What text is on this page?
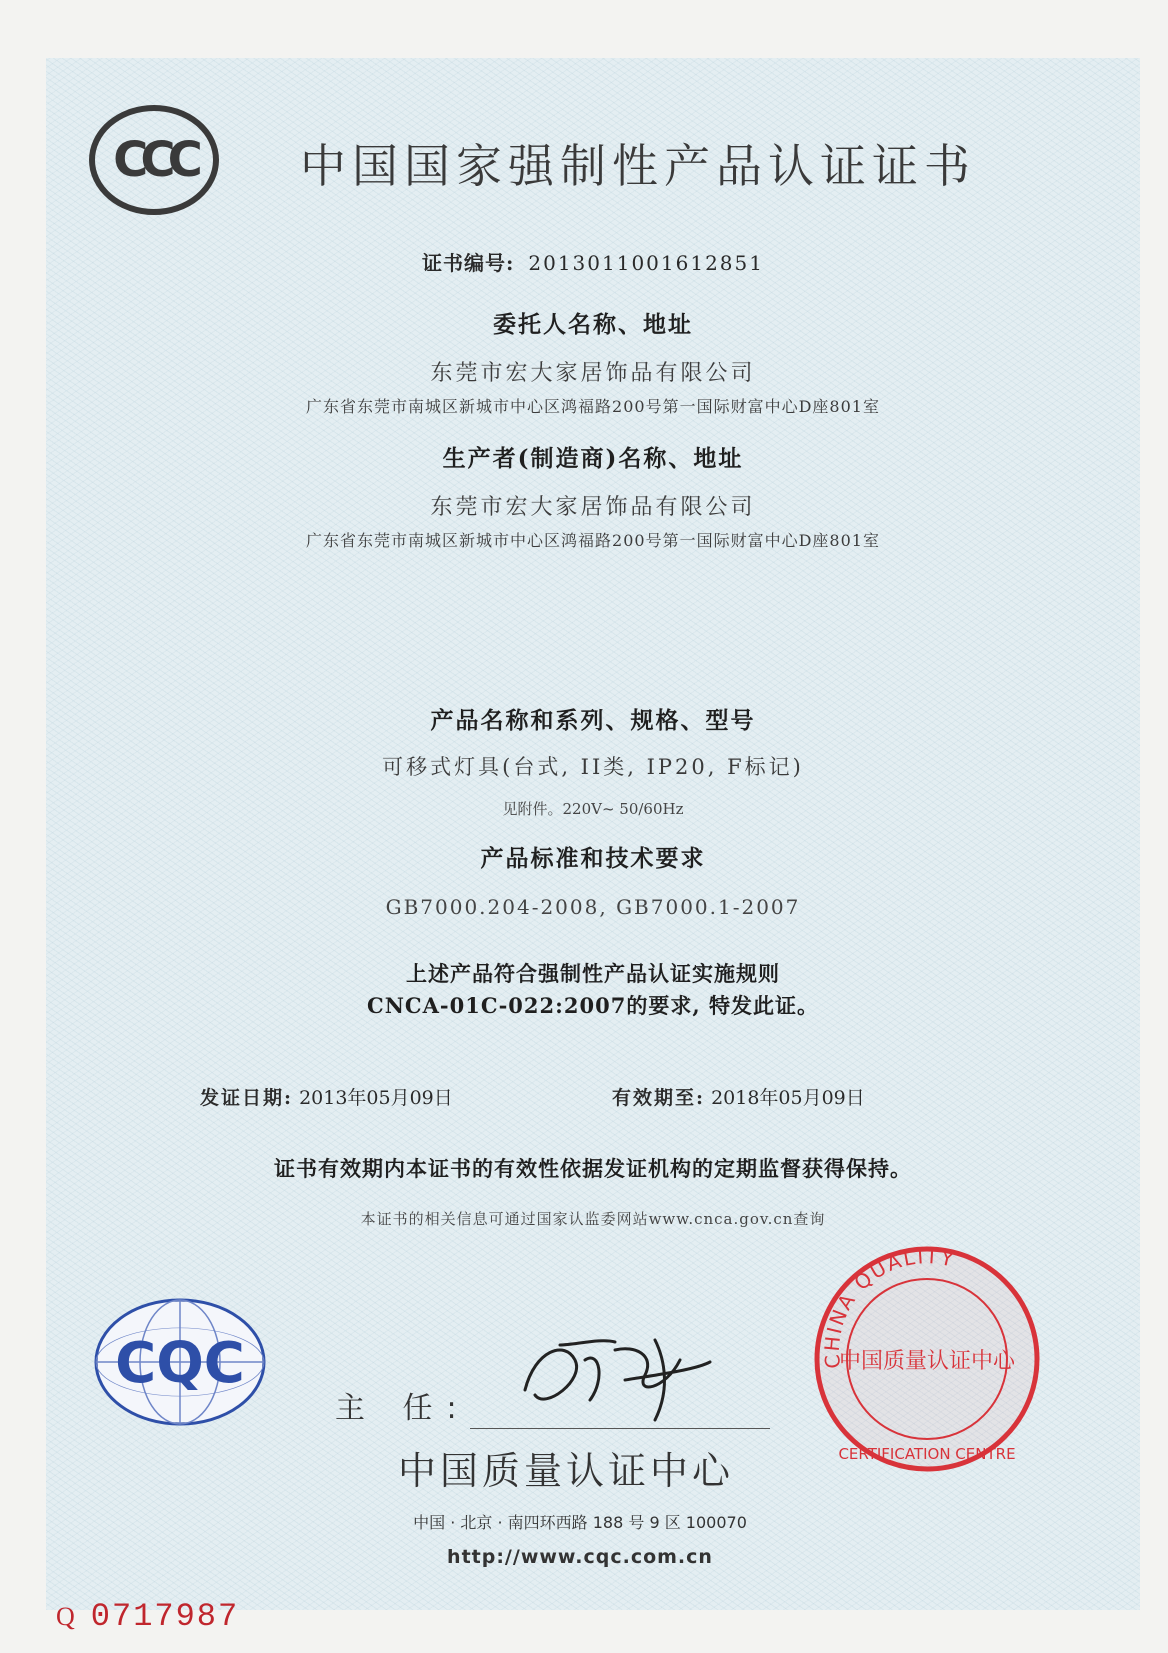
CCC 中国国家强制性产品认证证书
证书编号: 2013011001612851
委托人名称、地址
东莞市宏大家居饰品有限公司
广东省东莞市南城区新城市中心区鸿福路200号第一国际财富中心D座801室
生产者(制造商)名称、地址
东莞市宏大家居饰品有限公司
广东省东莞市南城区新城市中心区鸿福路200号第一国际财富中心D座801室
产品名称和系列、规格、型号
可移式灯具(台式, II类, IP20, F标记)
见附件。220V~ 50/60Hz
产品标准和技术要求
GB7000.204-2008, GB7000.1-2007
上述产品符合强制性产品认证实施规则
CNCA-01C-022:2007的要求, 特发此证。
发证日期: 2013年05月09日	有效期至: 2018年05月09日
证书有效期内本证书的有效性依据发证机构的定期监督获得保持。
本证书的相关信息可通过国家认监委网站www.cnca.gov.cn查询
CQC
主 任:
中国质量认证中心
中国 · 北京 · 南四环西路 188 号 9 区 100070
http://www.cqc.com.cn
CHINA QUALITY
CERTIFICATION CENTRE
中国质量认证中心
Q 0717987
